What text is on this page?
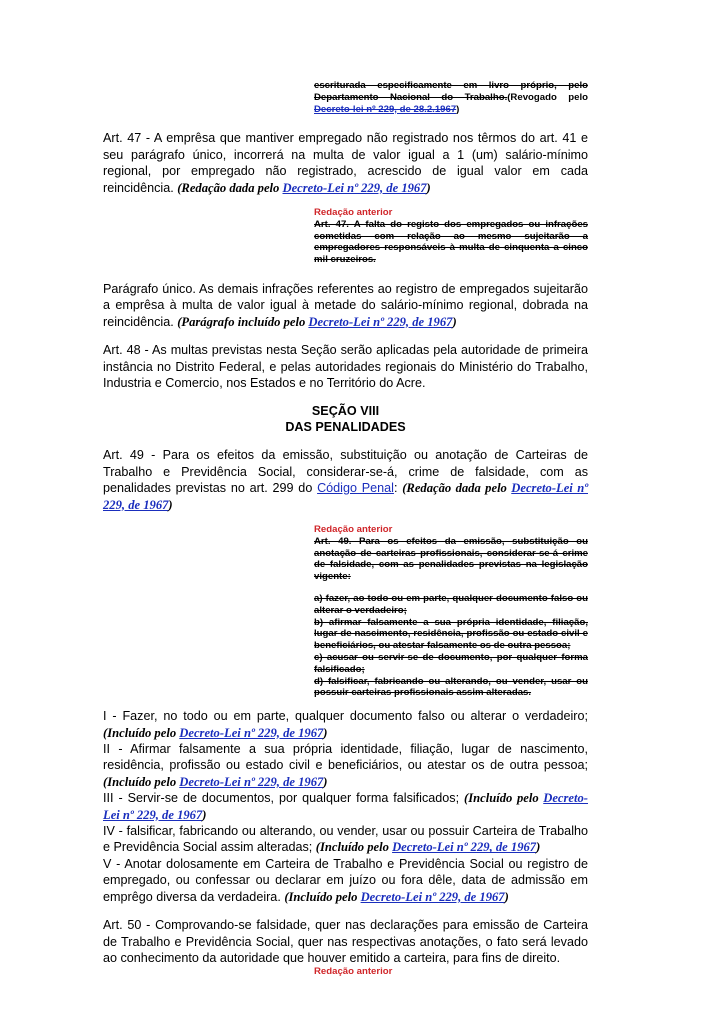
escriturada especificamente em livro próprio, pelo Departamento Nacional do Trabalho.(Revogado pelo Decreto-lei nº 229, de 28.2.1967)

Art. 47 - A emprêsa que mantiver empregado não registrado nos têrmos do art. 41 e seu parágrafo único, incorrerá na multa de valor igual a 1 (um) salário-mínimo regional, por empregado não registrado, acrescido de igual valor em cada reincidência. (Redação dada pelo Decreto-Lei nº 229, de 1967)

Redação anterior
Art. 47. A falta do registo dos empregados ou infrações cometidas com relação ao mesmo sujeitarão a empregadores responsáveis à multa de cinquenta a cinco mil cruzeiros.

Parágrafo único. As demais infrações referentes ao registro de empregados sujeitarão a emprêsa à multa de valor igual à metade do salário-mínimo regional, dobrada na reincidência. (Parágrafo incluído pelo Decreto-Lei nº 229, de 1967)

Art. 48 - As multas previstas nesta Seção serão aplicadas pela autoridade de primeira instância no Distrito Federal, e pelas autoridades regionais do Ministério do Trabalho, Industria e Comercio, nos Estados e no Território do Acre.

SEÇÃO VIII
DAS PENALIDADES

Art. 49 - Para os efeitos da emissão, substituição ou anotação de Carteiras de Trabalho e Previdência Social, considerar-se-á, crime de falsidade, com as penalidades previstas no art. 299 do Código Penal: (Redação dada pelo Decreto-Lei nº 229, de 1967)

Redação anterior
Art. 49. Para os efeitos da emissão, substituição ou anotação de carteiras profissionais, considerar-se-á crime de falsidade, com as penalidades previstas na legislação vigente:
a) fazer, ao todo ou em parte, qualquer documento falso ou alterar o verdadeiro;
b) afirmar falsamente a sua própria identidade, filiação, lugar de nascimento, residência, profissão ou estado civil e beneficiários, ou atestar falsamente os de outra pessoa;
c) acusar ou servir-se de documento, por qualquer forma falsificado;
d) falsificar, fabricando ou alterando, ou vender, usar ou possuir carteiras profissionais assim alteradas.

I - Fazer, no todo ou em parte, qualquer documento falso ou alterar o verdadeiro; (Incluído pelo Decreto-Lei nº 229, de 1967)

II - Afirmar falsamente a sua própria identidade, filiação, lugar de nascimento, residência, profissão ou estado civil e beneficiários, ou atestar os de outra pessoa; (Incluído pelo Decreto-Lei nº 229, de 1967)

III - Servir-se de documentos, por qualquer forma falsificados; (Incluído pelo Decreto-Lei nº 229, de 1967)

IV - falsificar, fabricando ou alterando, ou vender, usar ou possuir Carteira de Trabalho e Previdência Social assim alteradas; (Incluído pelo Decreto-Lei nº 229, de 1967)

V - Anotar dolosamente em Carteira de Trabalho e Previdência Social ou registro de empregado, ou confessar ou declarar em juízo ou fora dêle, data de admissão em emprêgo diversa da verdadeira. (Incluído pelo Decreto-Lei nº 229, de 1967)

Art. 50 - Comprovando-se falsidade, quer nas declarações para emissão de Carteira de Trabalho e Previdência Social, quer nas respectivas anotações, o fato será levado ao conhecimento da autoridade que houver emitido a carteira, para fins de direito.

Redação anterior
